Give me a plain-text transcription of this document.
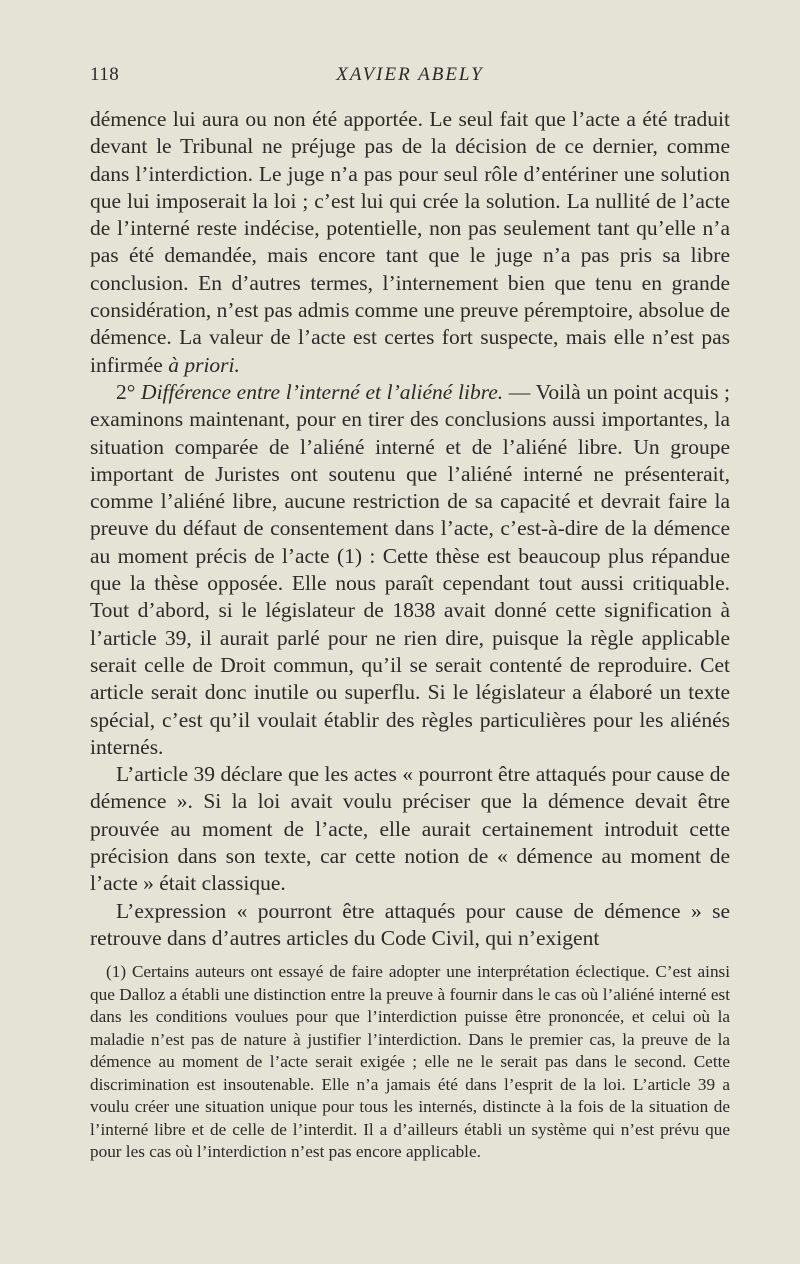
118	XAVIER ABELY

démence lui aura ou non été apportée. Le seul fait que l’acte a été traduit devant le Tribunal ne préjuge pas de la décision de ce dernier, comme dans l’interdiction. Le juge n’a pas pour seul rôle d’entériner une solution que lui imposerait la loi ; c’est lui qui crée la solution. La nullité de l’acte de l’interné reste indécise, potentielle, non pas seulement tant qu’elle n’a pas été demandée, mais encore tant que le juge n’a pas pris sa libre conclusion. En d’autres termes, l’internement bien que tenu en grande considération, n’est pas admis comme une preuve péremptoire, absolue de démence. La valeur de l’acte est certes fort suspecte, mais elle n’est pas infirmée à priori.

2° Différence entre l’interné et l’aliéné libre. — Voilà un point acquis ; examinons maintenant, pour en tirer des conclusions aussi importantes, la situation comparée de l’aliéné interné et de l’aliéné libre. Un groupe important de Juristes ont soutenu que l’aliéné interné ne présenterait, comme l’aliéné libre, aucune restriction de sa capacité et devrait faire la preuve du défaut de consentement dans l’acte, c’est-à-dire de la démence au moment précis de l’acte (1) : Cette thèse est beaucoup plus répandue que la thèse opposée. Elle nous paraît cependant tout aussi critiquable. Tout d’abord, si le législateur de 1838 avait donné cette signification à l’article 39, il aurait parlé pour ne rien dire, puisque la règle applicable serait celle de Droit commun, qu’il se serait contenté de reproduire. Cet article serait donc inutile ou superflu. Si le législateur a élaboré un texte spécial, c’est qu’il voulait établir des règles particulières pour les aliénés internés.

L’article 39 déclare que les actes « pourront être attaqués pour cause de démence ». Si la loi avait voulu préciser que la démence devait être prouvée au moment de l’acte, elle aurait certainement introduit cette précision dans son texte, car cette notion de « démence au moment de l’acte » était classique.

L’expression « pourront être attaqués pour cause de démence » se retrouve dans d’autres articles du Code Civil, qui n’exigent

(1) Certains auteurs ont essayé de faire adopter une interprétation éclectique. C’est ainsi que Dalloz a établi une distinction entre la preuve à fournir dans le cas où l’aliéné interné est dans les conditions voulues pour que l’interdiction puisse être prononcée, et celui où la maladie n’est pas de nature à justifier l’interdiction. Dans le premier cas, la preuve de la démence au moment de l’acte serait exigée ; elle ne le serait pas dans le second. Cette discrimination est insoutenable. Elle n’a jamais été dans l’esprit de la loi. L’article 39 a voulu créer une situation unique pour tous les internés, distincte à la fois de la situation de l’interné libre et de celle de l’interdit. Il a d’ailleurs établi un système qui n’est prévu que pour les cas où l’interdiction n’est pas encore applicable.
